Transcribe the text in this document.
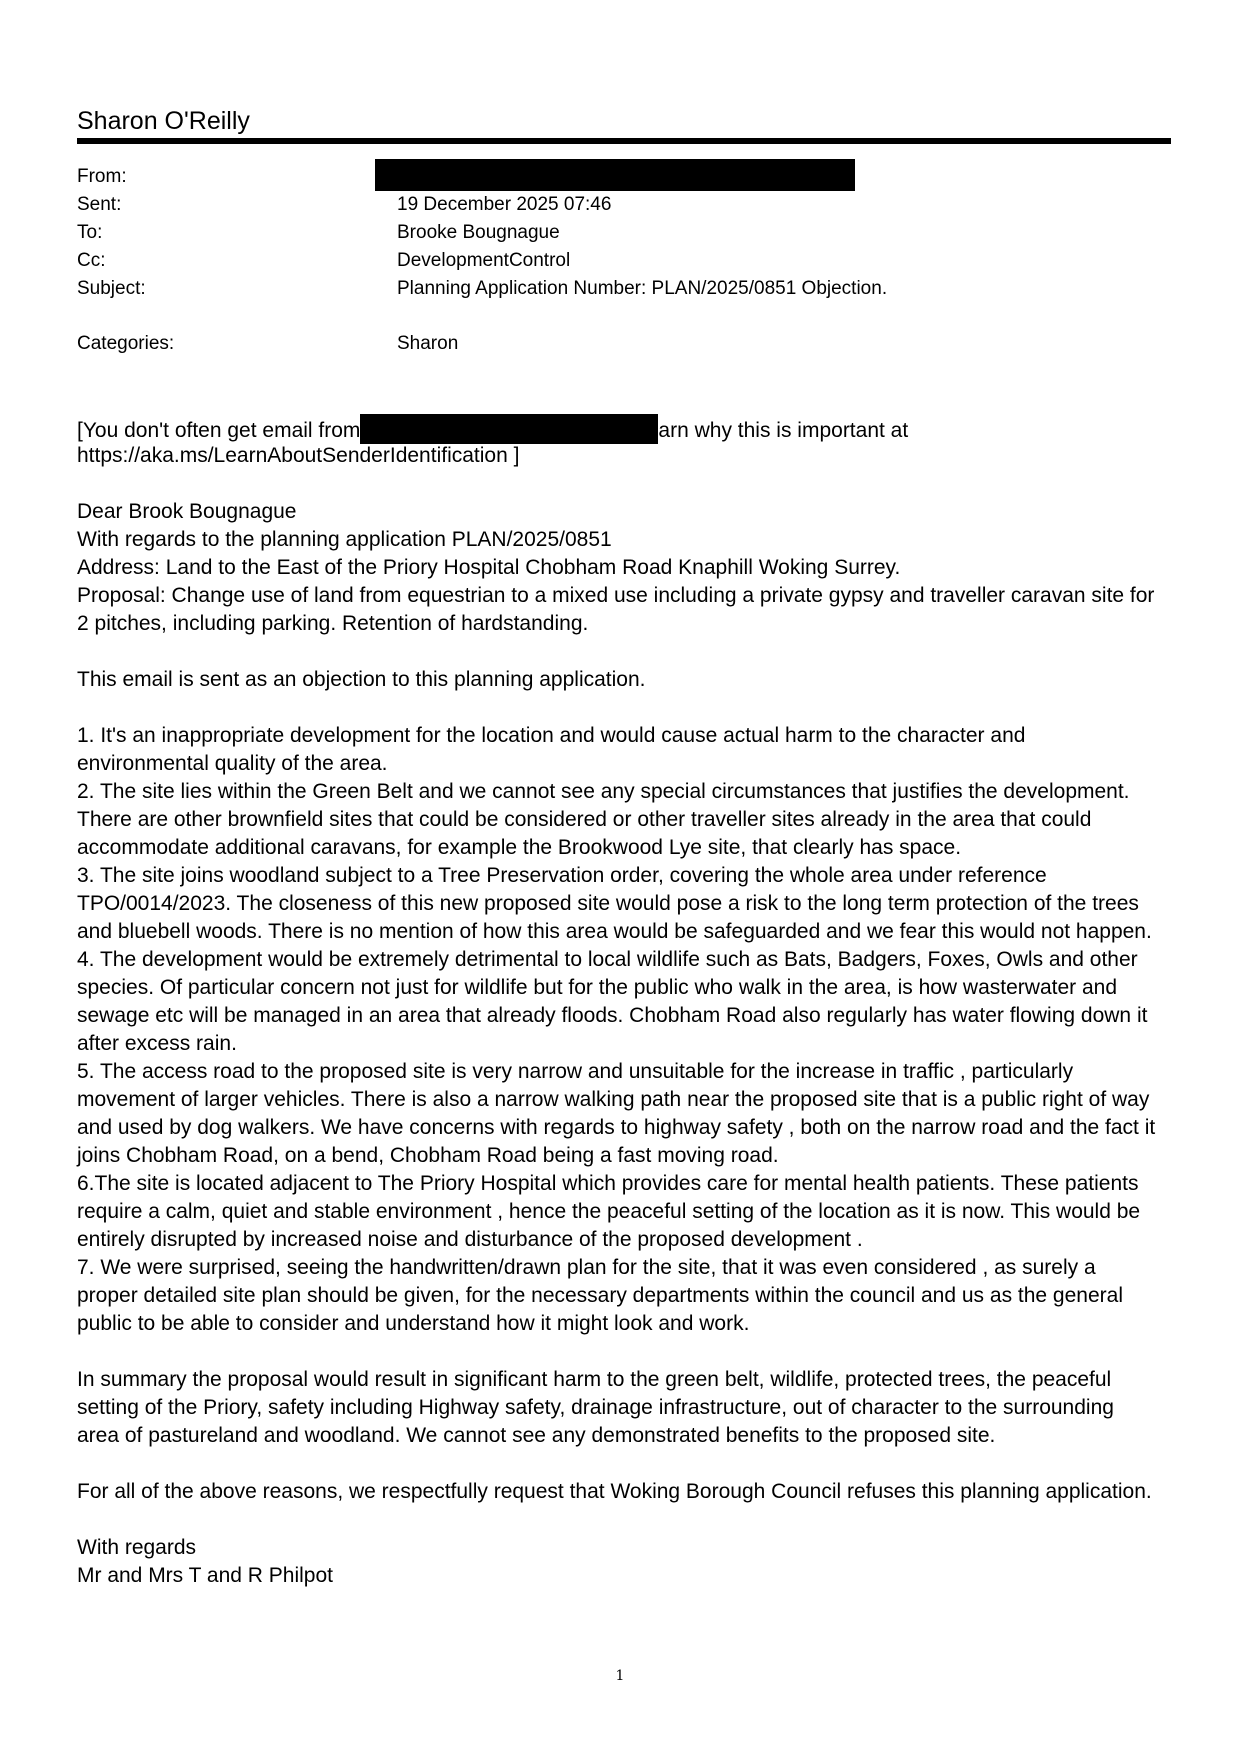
Sharon O'Reilly
From:
Sent:	19 December 2025 07:46
To:	Brooke Bougnague
Cc:	DevelopmentControl
Subject:	Planning Application Number: PLAN/2025/0851 Objection.
Categories:	Sharon
[You don't often get email from	arn why this is important at
https://aka.ms/LearnAboutSenderIdentification ]
Dear Brook Bougnague
With regards to the planning application PLAN/2025/0851
Address: Land to the East of the Priory Hospital Chobham Road Knaphill Woking Surrey.
Proposal: Change use of land from equestrian to a mixed use including a private gypsy and traveller caravan site for
2 pitches, including parking. Retention of hardstanding.
This email is sent as an objection to this planning application.
1. It's an inappropriate development for the location and would cause actual harm to the character and
environmental quality of the area.
2. The site lies within the Green Belt and we cannot see any special circumstances that justifies the development.
There are other brownfield sites that could be considered or other traveller sites already in the area that could
accommodate additional caravans, for example the Brookwood Lye site, that clearly has space.
3. The site joins woodland subject to a Tree Preservation order, covering the whole area under reference
TPO/0014/2023. The closeness of this new proposed site would pose a risk to the long term protection of the trees
and bluebell woods. There is no mention of how this area would be safeguarded and we fear this would not happen.
4. The development would be extremely detrimental to local wildlife such as Bats, Badgers, Foxes, Owls and other
species. Of particular concern not just for wildlife but for the public who walk in the area, is how wasterwater and
sewage etc will be managed in an area that already floods. Chobham Road also regularly has water flowing down it
after excess rain.
5. The access road to the proposed site is very narrow and unsuitable for the increase in traffic , particularly
movement of larger vehicles. There is also a narrow walking path near the proposed site that is a public right of way
and used by dog walkers. We have concerns with regards to highway safety , both on the narrow road and the fact it
joins Chobham Road, on a bend, Chobham Road being a fast moving road.
6.The site is located adjacent to The Priory Hospital which provides care for mental health patients. These patients
require a calm, quiet and stable environment , hence the peaceful setting of the location as it is now. This would be
entirely disrupted by increased noise and disturbance of the proposed development .
7. We were surprised, seeing the handwritten/drawn plan for the site, that it was even considered , as surely a
proper detailed site plan should be given, for the necessary departments within the council and us as the general
public to be able to consider and understand how it might look and work.
In summary the proposal would result in significant harm to the green belt, wildlife, protected trees, the peaceful
setting of the Priory, safety including Highway safety, drainage infrastructure, out of character to the surrounding
area of pastureland and woodland. We cannot see any demonstrated benefits to the proposed site.
For all of the above reasons, we respectfully request that Woking Borough Council refuses this planning application.
With regards
Mr and Mrs T and R Philpot
1
